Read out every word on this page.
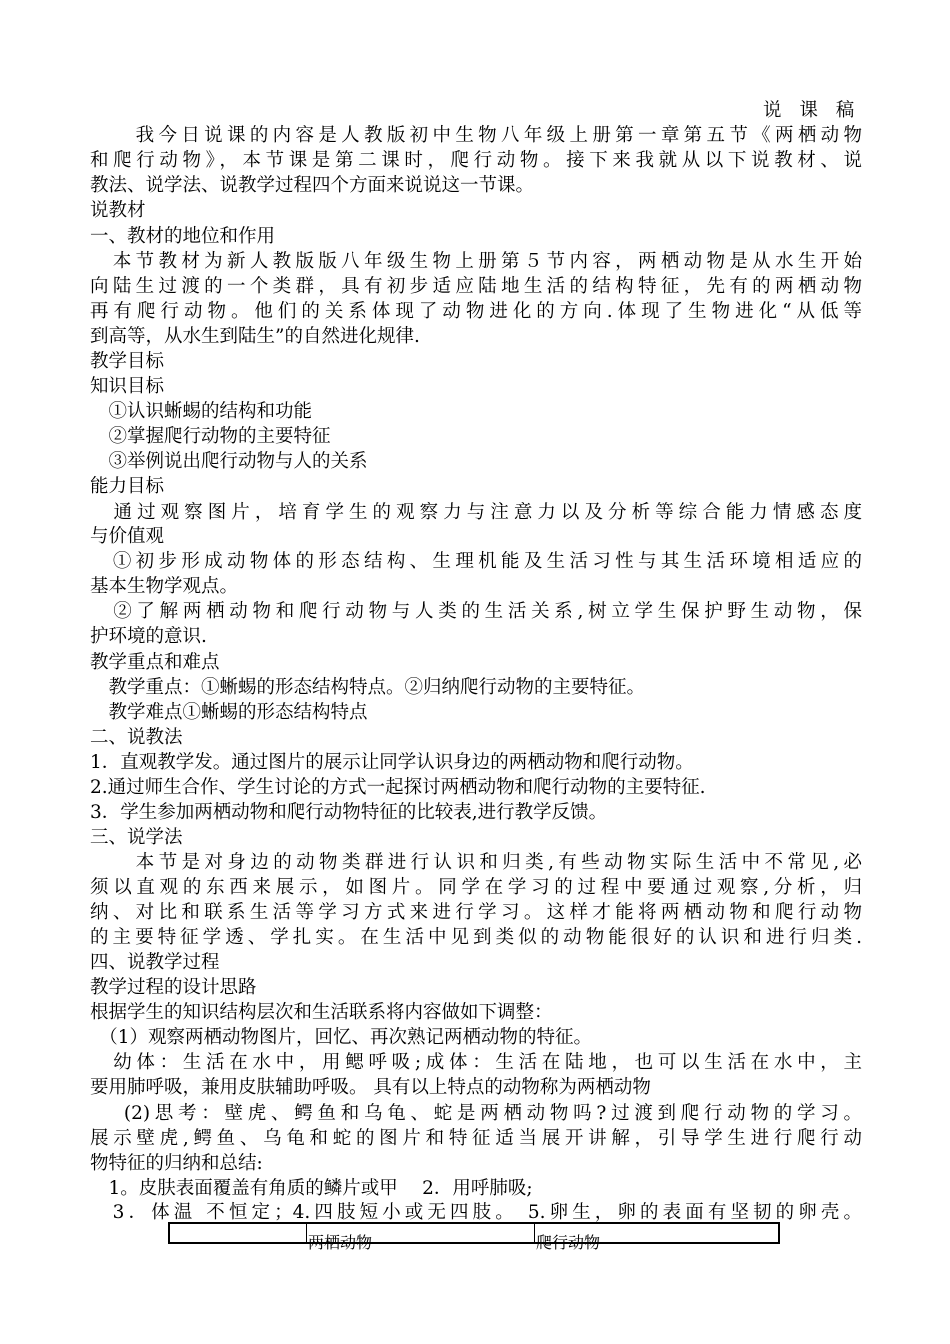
说 课 稿
　　我今日说课的内容是人教版初中生物八年级上册第一章第五节《两栖动物
和爬行动物》，本节课是第二课时，爬行动物。接下来我就从以下说教材、说
教法、说学法、说教学过程四个方面来说说这一节课。
说教材
一、教材的地位和作用
　本节教材为新人教版版八年级生物上册第５节内容，两栖动物是从水生开始
向陆生过渡的一个类群，具有初步适应陆地生活的结构特征，先有的两栖动物
再有爬行动物。他们的关系体现了动物进化的方向.体现了生物进化“从低等
到高等，从水生到陆生”的自然进化规律.
教学目标
知识目标
　①认识蜥蜴的结构和功能
　②掌握爬行动物的主要特征
　③举例说出爬行动物与人的关系
能力目标
　通过观察图片，培育学生的观察力与注意力以及分析等综合能力情感态度
与价值观
　①初步形成动物体的形态结构、生理机能及生活习性与其生活环境相适应的
基本生物学观点。
　②了解两栖动物和爬行动物与人类的生活关系,树立学生保护野生动物，保
护环境的意识.
教学重点和难点
　教学重点：①蜥蜴的形态结构特点。②归纳爬行动物的主要特征。
　教学难点①蜥蜴的形态结构特点
二、说教法
1．直观教学发。通过图片的展示让同学认识身边的两栖动物和爬行动物。
2.通过师生合作、学生讨论的方式一起探讨两栖动物和爬行动物的主要特征.
3．学生参加两栖动物和爬行动物特征的比较表,进行教学反馈。
三、说学法
　　本节是对身边的动物类群进行认识和归类,有些动物实际生活中不常见,必
须以直观的东西来展示，如图片。同学在学习的过程中要通过观察,分析，归
纳、对比和联系生活等学习方式来进行学习。这样才能将两栖动物和爬行动物
的主要特征学透、学扎实。在生活中见到类似的动物能很好的认识和进行归类.
四、说教学过程
教学过程的设计思路
根据学生的知识结构层次和生活联系将内容做如下调整：
　（1）观察两栖动物图片，回忆、再次熟记两栖动物的特征。
　幼体：生活在水中，用鳃呼吸;成体：生活在陆地，也可以生活在水中，主
要用肺呼吸，兼用皮肤辅助呼吸。 具有以上特点的动物称为两栖动物
　 (2)思考：壁虎、鳄鱼和乌龟、蛇是两栖动物吗?过渡到爬行动物的学习。
展示壁虎,鳄鱼、乌龟和蛇的图片和特征适当展开讲解，引导学生进行爬行动
物特征的归纳和总结:
　1。皮肤表面覆盖有角质的鳞片或甲　 2．用呼肺吸;
　3．体温 不恒定；4.四肢短小或无四肢。 5.卵生，卵的表面有坚韧的卵壳。
两栖动物	爬行动物
